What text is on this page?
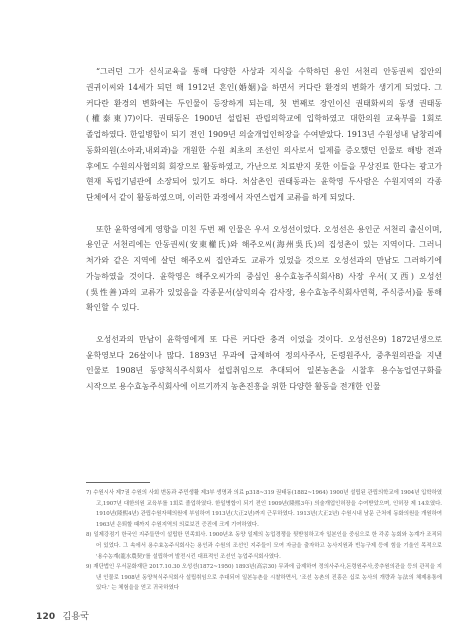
“그러던 그가 신식교육을 통해 다양한 사상과 지식을 수학하던 용인 서천리 안동권씨 집안의 권귀이씨와 14세가 되던 해 1912년 혼인(婚姻)을 하면서 커다란 환경의 변화가 생기게 되었다. 그 커다란 환경의 변화에는 두인물이 등장하게 되는데, 첫 번째로 장인이신 권태화씨의 동생 권태동(權泰東)7)이다. 권태동은 1900년 설립된 관립의학교에 입학하였고 대한의원 교육부를 1회로 졸업하였다. 한일병합이 되기 전인 1909년 의술개업인허장을 수여받았다. 1913년 수원성내 남창리에 동화의원(소아과,내외과)을 개원한 수원 최초의 조선인 의사로서 일제를 증오했던 인물로 해방 전과 후에도 수원의사협의회 회장으로 활동하였고, 가난으로 치료받지 못한 이들을 무상진료 한다는 광고가 현재 독립기념관에 소장되어 있기도 하다. 처삼촌인 권태동과는 윤학영 두사람은 수원지역의 각종 단체에서 같이 활동하였으며, 이러한 과정에서 자연스럽게 교류를 하게 되었다.

또한 윤학영에게 영향을 미친 두번 째 인물은 우서 오성선이었다. 오성선은 용인군 서천리 출신이며, 용인군 서천리에는 안동권씨(安東權氏)와 해주오씨(海州吳氏)의 집성촌이 있는 지역이다. 그러니 처가와 같은 지역에 살던 해주오씨 집안과도 교류가 있었을 것으로 오성선과의 만남도 그러하기에 가능하였을 것이다. 윤학영은 해주오씨가의 중심인 용수효농주식회사8) 사장 우서(又西) 오성선(吳性善)과의 교류가 있었음을 각종문서(삼익의숙 감사장, 용수효농주식회사연혁, 주식증서)를 통해 확인할 수 있다.

오성선과의 만남이 윤학영에게 또 다른 커다란 충격 이었을 것이다. 오성선은9) 1872년생으로 윤학영보다 26살이나 많다. 1893년 무과에 급제하여 정의사주사, 돈령원주사, 중추원의관을 지낸 인물로 1908년 동양척식주식회사 설립취임으로 추대되어 일본농촌을 시찰후 용수농업연구화를 시작으로 용수효농주식회사에 이르기까지 농촌진흥을 위한 다양한 활동을 전개한 인물

7) 수원시사 제7권 수원의 사회 변동과 주민생활 제3부 생명과 의료 p318~319 권태동(1882~1964) 1900년 설립된 관립의학교에 1904년 입학하였고,1907년 대한의원 교육부를 1회로 졸업하였다. 한일병합이 되기 전인 1909년(隆熙3年) 의술개업인허장을 수여받았으며, 인허장 제 14호였다. 1910년(隆熙4년) 관립수원자혜의원에 부임하여 1913년(大正2년)까지 근무하였다. 1913년(大正2년) 수원시내 남문 근처에 동화의원을 개원하여 1963년 은퇴할 때까지 수원지역의 의료보건 증진에 크게 기여하였다.

8) 일제강점기 한국인 지주들만이 설립한 민족회사. 1900년초 동양 일제의 농업경쟁을 뒷받침하고자 일본인을 중심으로 한 각종 농회와 농계가 조직되어 있었다. 그 속에서 용수효농주식회사는 용인과 수원의 조선인 지주들이 모여 자금을 출자하고 농사지원과 빈농구제 등에 힘을 기울인 목적으로 '용수농계(龍水農契)'를 설립하여 발전시킨 대표적인 조선인 농업주식회사였다.

9) 재단법인 우서문화재단 2017.10.30 오성선(1872~1950) 1893년(高宗30) 무과에 급제하여 정의사주사,돈령원주사,중추원의관을 등의 관직을 지낸 인물로 1908년 동양척식주식회사 설립취임으로 추대되어 일본농촌을 시찰하면서, '조선 농촌의 진흥은 십로 농사의 개량과 농法의 체제용통에 있다.' 는 체험을을 얻고 귀국하였다

120 김용국
